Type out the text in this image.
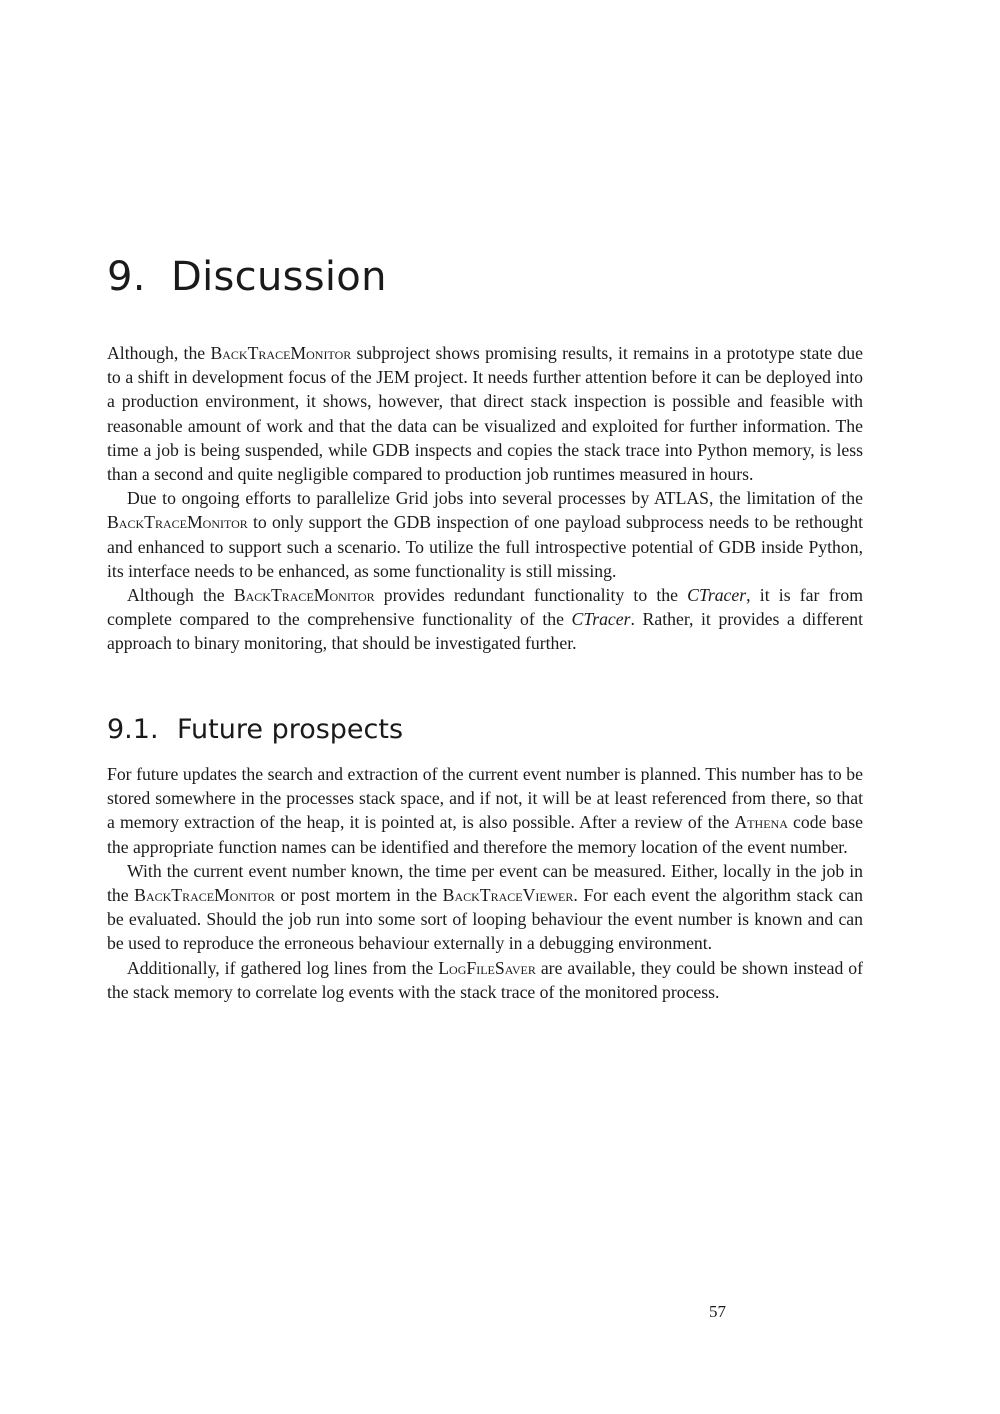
9. Discussion

Although, the BackTraceMonitor subproject shows promising results, it remains in a prototype state due to a shift in development focus of the JEM project. It needs further attention before it can be deployed into a production environment, it shows, however, that direct stack inspection is possible and feasible with reasonable amount of work and that the data can be visualized and exploited for further information. The time a job is being suspended, while GDB inspects and copies the stack trace into Python memory, is less than a second and quite negligible compared to production job runtimes measured in hours.

Due to ongoing efforts to parallelize Grid jobs into several processes by ATLAS, the limitation of the BackTraceMonitor to only support the GDB inspection of one payload subprocess needs to be rethought and enhanced to support such a scenario. To utilize the full introspective potential of GDB inside Python, its interface needs to be enhanced, as some functionality is still missing.

Although the BackTraceMonitor provides redundant functionality to the CTracer, it is far from complete compared to the comprehensive functionality of the CTracer. Rather, it provides a different approach to binary monitoring, that should be investigated further.

9.1. Future prospects

For future updates the search and extraction of the current event number is planned. This number has to be stored somewhere in the processes stack space, and if not, it will be at least referenced from there, so that a memory extraction of the heap, it is pointed at, is also possible. After a review of the Athena code base the appropriate function names can be identified and therefore the memory location of the event number.

With the current event number known, the time per event can be measured. Either, locally in the job in the BackTraceMonitor or post mortem in the BackTraceViewer. For each event the algorithm stack can be evaluated. Should the job run into some sort of looping behaviour the event number is known and can be used to reproduce the erroneous behaviour externally in a debugging environment.

Additionally, if gathered log lines from the LogFileSaver are available, they could be shown instead of the stack memory to correlate log events with the stack trace of the monitored process.

57
